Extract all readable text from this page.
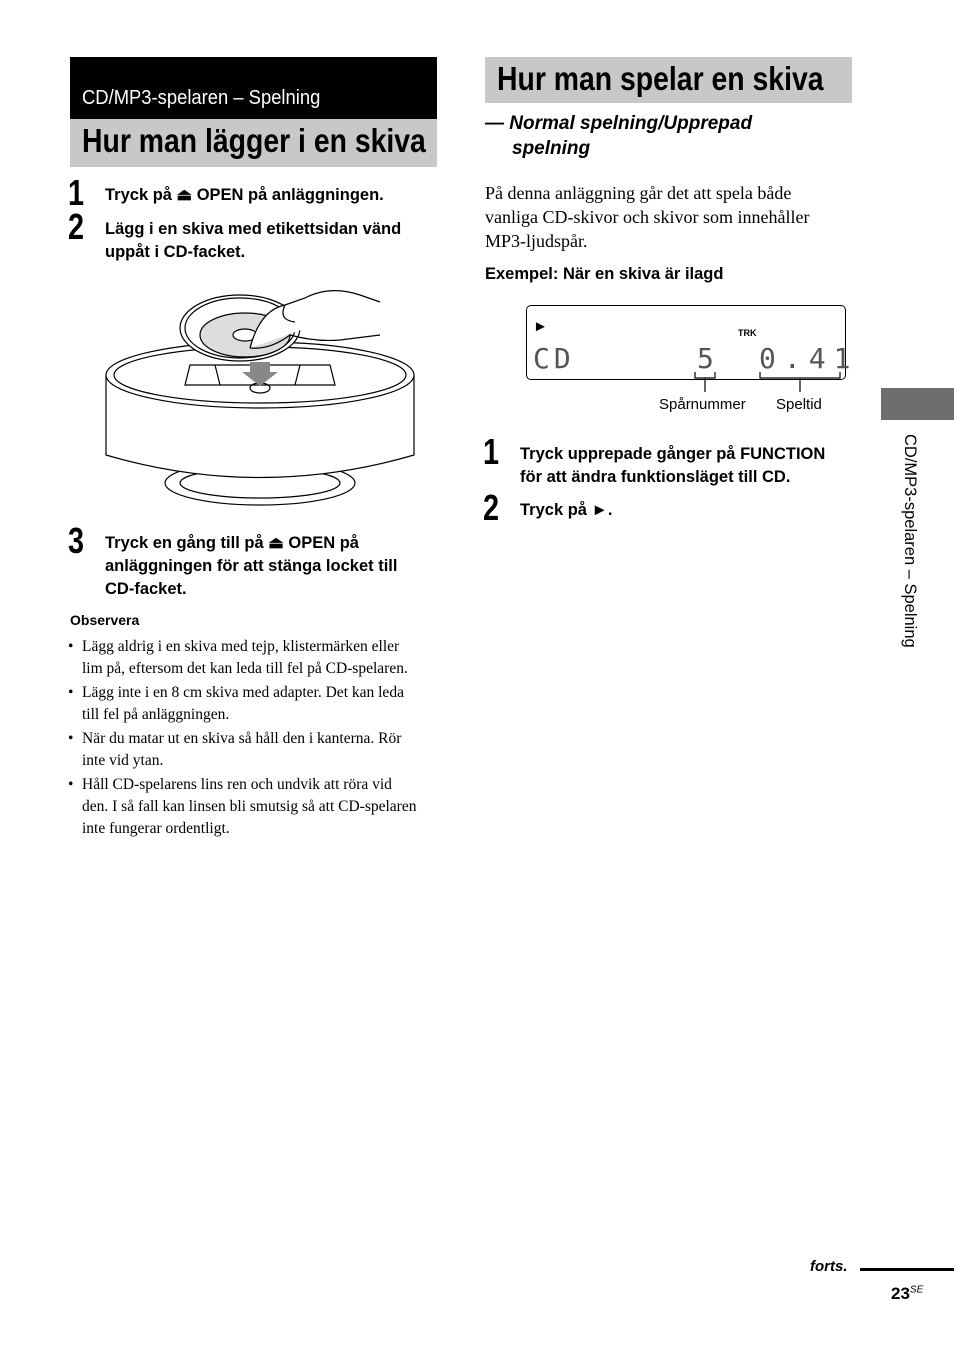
CD/MP3-spelaren – Spelning
Hur man lägger i en skiva
1 Tryck på ⏏ OPEN på anläggningen.
2 Lägg i en skiva med etikettsidan vänd
uppåt i CD-facket.
3 Tryck en gång till på ⏏ OPEN på
anläggningen för att stänga locket till
CD-facket.
Observera
• Lägg aldrig i en skiva med tejp, klistermärken eller
lim på, eftersom det kan leda till fel på CD-spelaren.
• Lägg inte i en 8 cm skiva med adapter. Det kan leda
till fel på anläggningen.
• När du matar ut en skiva så håll den i kanterna. Rör
inte vid ytan.
• Håll CD-spelarens lins ren och undvik att röra vid
den. I så fall kan linsen bli smutsig så att CD-spelaren
inte fungerar ordentligt.
Hur man spelar en skiva
— Normal spelning/Upprepad
spelning
På denna anläggning går det att spela både
vanliga CD-skivor och skivor som innehåller
MP3-ljudspår.
Exempel: När en skiva är ilagd
►	TRK
CD	5 0.41
Spårnummer Speltid
1 Tryck upprepade gånger på FUNCTION
för att ändra funktionsläget till CD.
2 Tryck på ►.	CD/MP3-spelaren – Spelning
forts.
$23^{SE}$
